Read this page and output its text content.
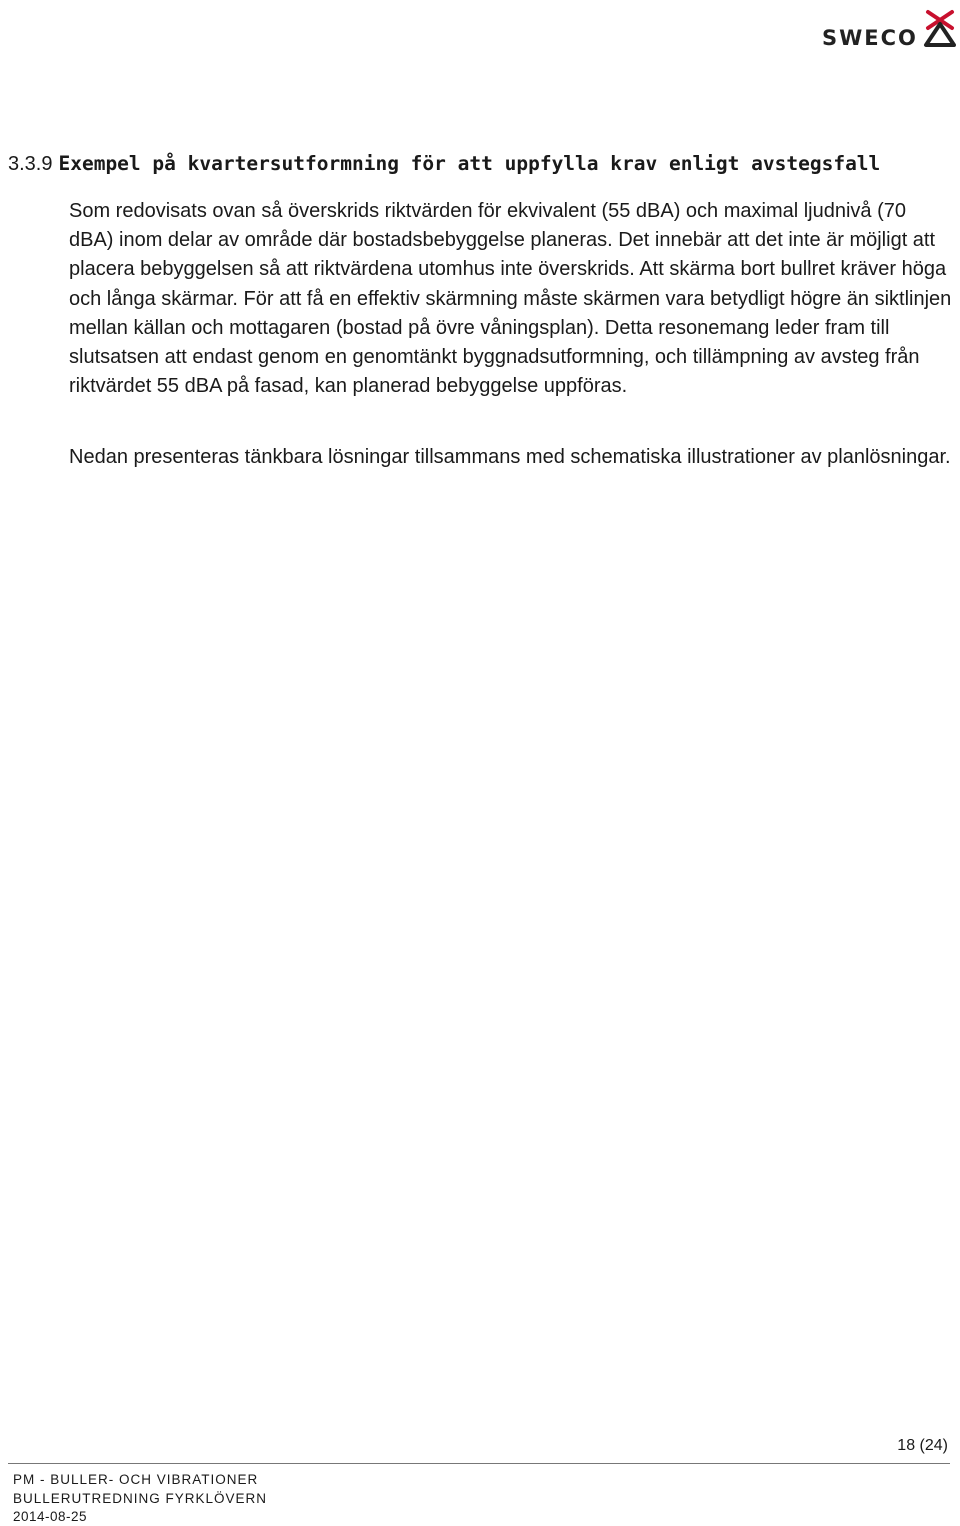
SWECO
3.3.9 Exempel på kvartersutformning för att uppfylla krav enligt avstegsfall

Som redovisats ovan så överskrids riktvärden för ekvivalent (55 dBA) och maximal ljudnivå (70 dBA) inom delar av område där bostadsbebyggelse planeras. Det innebär att det inte är möjligt att placera bebyggelsen så att riktvärdena utomhus inte överskrids. Att skärma bort bullret kräver höga och långa skärmar. För att få en effektiv skärmning måste skärmen vara betydligt högre än siktlinjen mellan källan och mottagaren (bostad på övre våningsplan). Detta resonemang leder fram till slutsatsen att endast genom en genomtänkt byggnadsutformning, och tillämpning av avsteg från riktvärdet 55 dBA på fasad, kan planerad bebyggelse uppföras.

Nedan presenteras tänkbara lösningar tillsammans med schematiska illustrationer av planlösningar.

18 (24)
PM - BULLER- OCH VIBRATIONER
BULLERUTREDNING FYRKLÖVERN
2014-08-25
